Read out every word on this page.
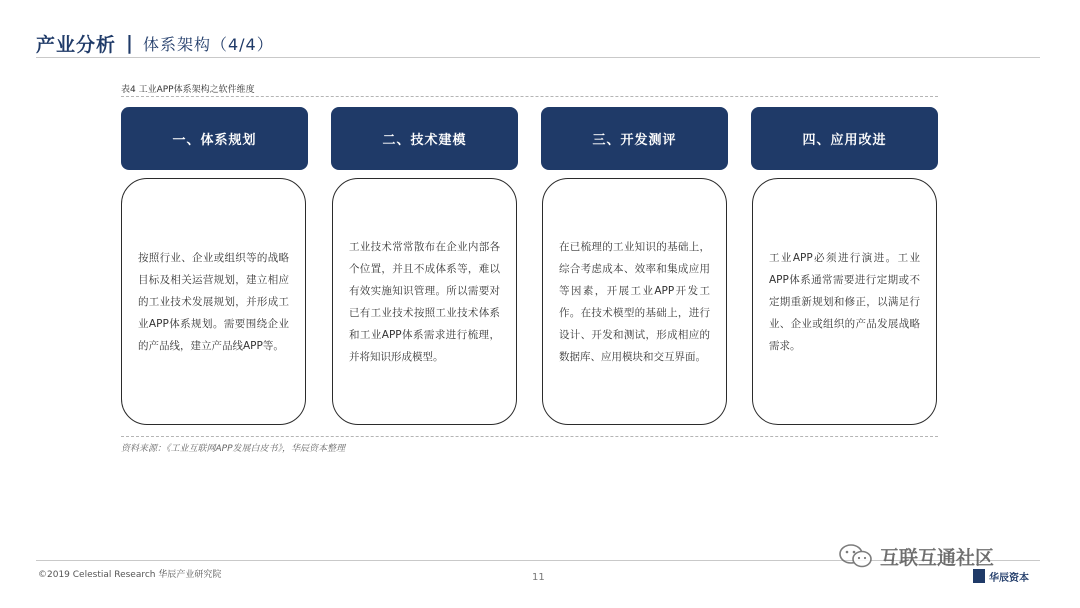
产业分析 | 体系架构（4/4）
表4 工业APP体系架构之软件维度
一、体系规划	二、技术建模	三、开发测评	四、应用改进

按照行业、企业或组织等的战略目标及相关运营规划，建立相应的工业技术发展规划，并形成工业APP体系规划。需要围绕企业的产品线，建立产品线APP等。

工业技术常常散布在企业内部各个位置，并且不成体系等，难以有效实施知识管理。所以需要对已有工业技术按照工业技术体系和工业APP体系需求进行梳理，并将知识形成模型。

在已梳理的工业知识的基础上，综合考虑成本、效率和集成应用等因素，开展工业APP开发工作。在技术模型的基础上，进行设计、开发和测试，形成相应的数据库、应用模块和交互界面。

工业APP必须进行演进。工业APP体系通常需要进行定期或不定期重新规划和修正，以满足行业、企业或组织的产品发展战略需求。

资料来源：《工业互联网APP发展白皮书》，华辰资本整理
©2019 Celestial Research 华辰产业研究院	11
互联互通社区
华辰资本
